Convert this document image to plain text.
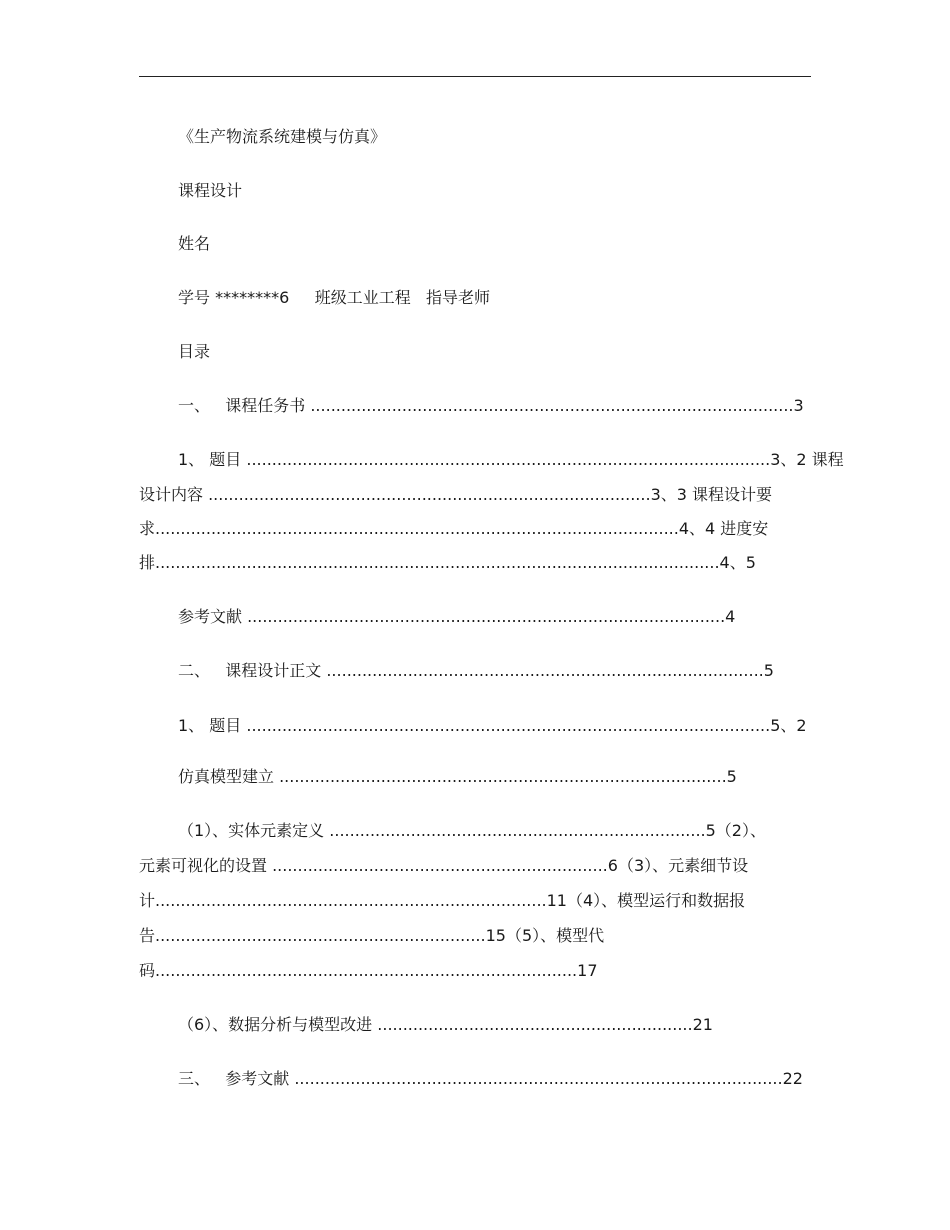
《生产物流系统建模与仿真》
课程设计
姓名
学号 ********6     班级工业工程   指导老师
目录
一、   课程任务书 ...............................................................................................3
1、 题目 .......................................................................................................3、2 课程
设计内容 .......................................................................................3、3 课程设计要
求.......................................................................................................4、4 进度安
排...............................................................................................................4、5
参考文献 ..............................................................................................4
二、   课程设计正文 ......................................................................................5
1、 题目 .......................................................................................................5、2
仿真模型建立 ........................................................................................5
（1）、实体元素定义 ..........................................................................5（2）、
元素可视化的设置 ..................................................................6（3）、元素细节设
计.............................................................................11（4）、模型运行和数据报
告.................................................................15（5）、模型代
码...................................................................................17
（6）、数据分析与模型改进 ..............................................................21
三、   参考文献 ................................................................................................22
